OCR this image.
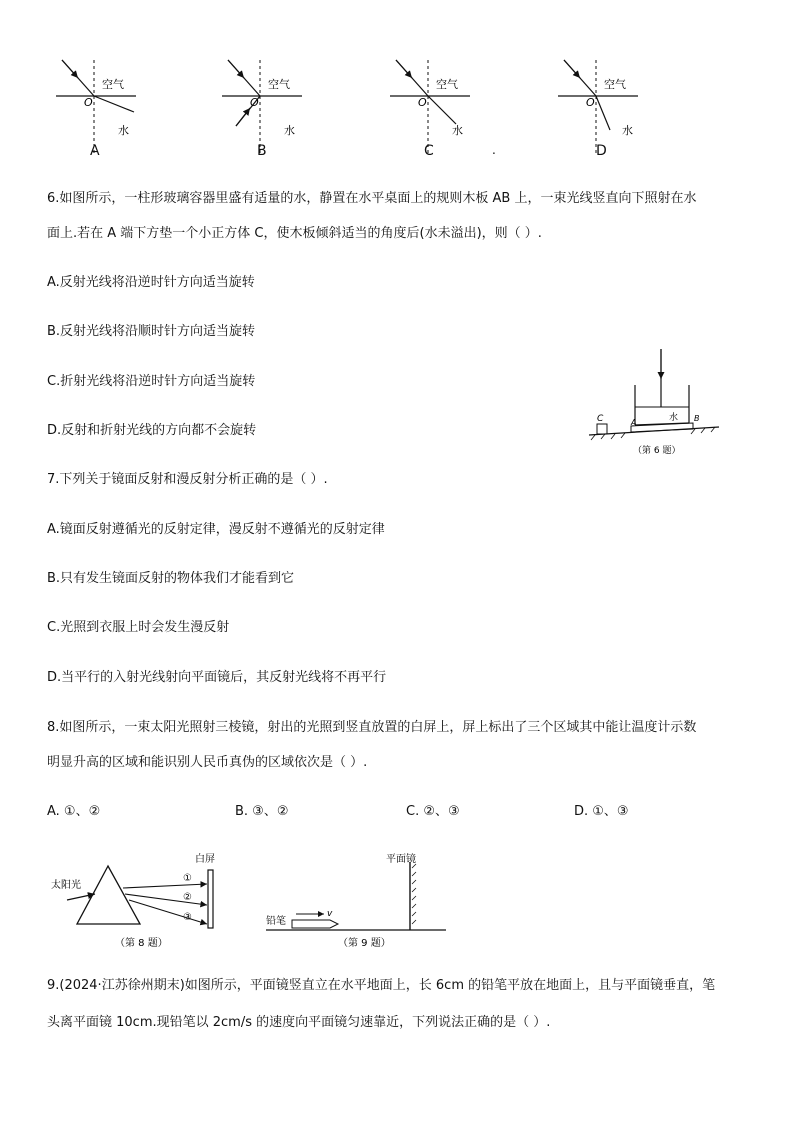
空气
O
水
空气
O
水
空气
O
水
空气
O
水
A	B	C	.	D
6.如图所示，一柱形玻璃容器里盛有适量的水，静置在水平桌面上的规则木板 AB 上，一束光线竖直向下照射在水
面上.若在 A 端下方垫一个小正方体 C，使木板倾斜适当的角度后(水未溢出)，则（ ）.
A.反射光线将沿逆时针方向适当旋转
B.反射光线将沿顺时针方向适当旋转
C.折射光线将沿逆时针方向适当旋转
D.反射和折射光线的方向都不会旋转
C	A	B
水
（第 6 题）
7.下列关于镜面反射和漫反射分析正确的是（ ）.
A.镜面反射遵循光的反射定律，漫反射不遵循光的反射定律
B.只有发生镜面反射的物体我们才能看到它
C.光照到衣服上时会发生漫反射
D.当平行的入射光线射向平面镜后，其反射光线将不再平行
8.如图所示，一束太阳光照射三棱镜，射出的光照到竖直放置的白屏上，屏上标出了三个区域其中能让温度计示数
明显升高的区域和能识别人民币真伪的区域依次是（ ）.
A. ①、②	B. ③、②	C. ②、③	D. ①、③
太阳光
白屏
①
②
③
（第 8 题）
平面镜
铅笔
v
（第 9 题）
9.(2024·江苏徐州期末)如图所示，平面镜竖直立在水平地面上，长 6cm 的铅笔平放在地面上，且与平面镜垂直，笔
头离平面镜 10cm.现铅笔以 2cm/s 的速度向平面镜匀速靠近，下列说法正确的是（ ）.
